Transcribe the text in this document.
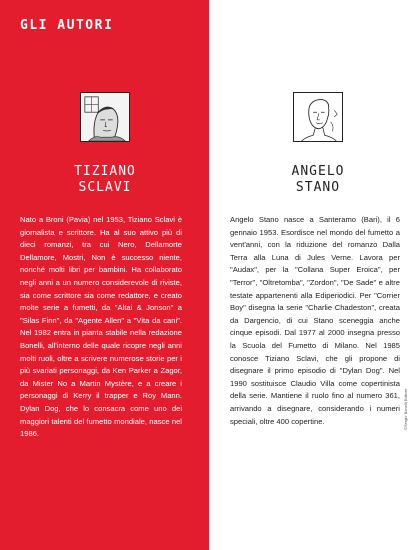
GLI AUTORI
TIZIANO
SCLAVI
ANGELO
STANO

Nato a Broni (Pavia) nel 1953, Tiziano Sclavi è giornalista e scrittore. Ha al suo attivo più di dieci romanzi, tra cui Nero, Dellamorte Dellamore, Mostri, Non è successo niente, nonché molti libri per bambini. Ha collaborato negli anni a un numero considerevole di riviste, sia come scrittore sia come redattore, e creato molte serie a fumetti, da "Altai & Jonson" a "Silas Finn", da "Agente Allen" a "Vita da cani". Nel 1982 entra in pianta stabile nella redazione Bonelli, all'interno delle quale ricopre negli anni molti ruoli, oltre a scrivere numerose storie per i più svariati personaggi, da Ken Parker a Zagor, da Mister No a Martin Mystère, e a creare i personaggi di Kerry il trapper e Roy Mann. Dylan Dog, che lo consacra come uno dei maggiori talenti del fumetto mondiale, nasce nel 1986.

Angelo Stano nasce a Santeramo (Bari), il 6 gennaio 1953. Esordisce nel mondo del fumetto a vent'anni, con la riduzione del romanzo Dalla Terra alla Luna di Jules Verne. Lavora per "Audax", per la "Collana Super Eroica", per "Terror", "Oltretomba", "Zordon", "De Sade" e altre testate appartenenti alla Ediperiodici. Per "Corrier Boy" disegna la serie "Charlie Chadeston", creata da Dargencio, di cui Stano sceneggia anche cinque episodi. Dal 1977 al 2000 insegna presso la Scuola del Fumetto di Milano. Nel 1985 conosce Tiziano Sclavi, che gli propone di disegnare il primo episodio di "Dylan Dog". Nel 1990 sostituisce Claudio Villa come copertinista della serie. Mantiene il ruolo fino al numero 361, arrivando a disegnare, considerando i numeri speciali, oltre 400 copertine.	©Sergio Bonelli Editore
